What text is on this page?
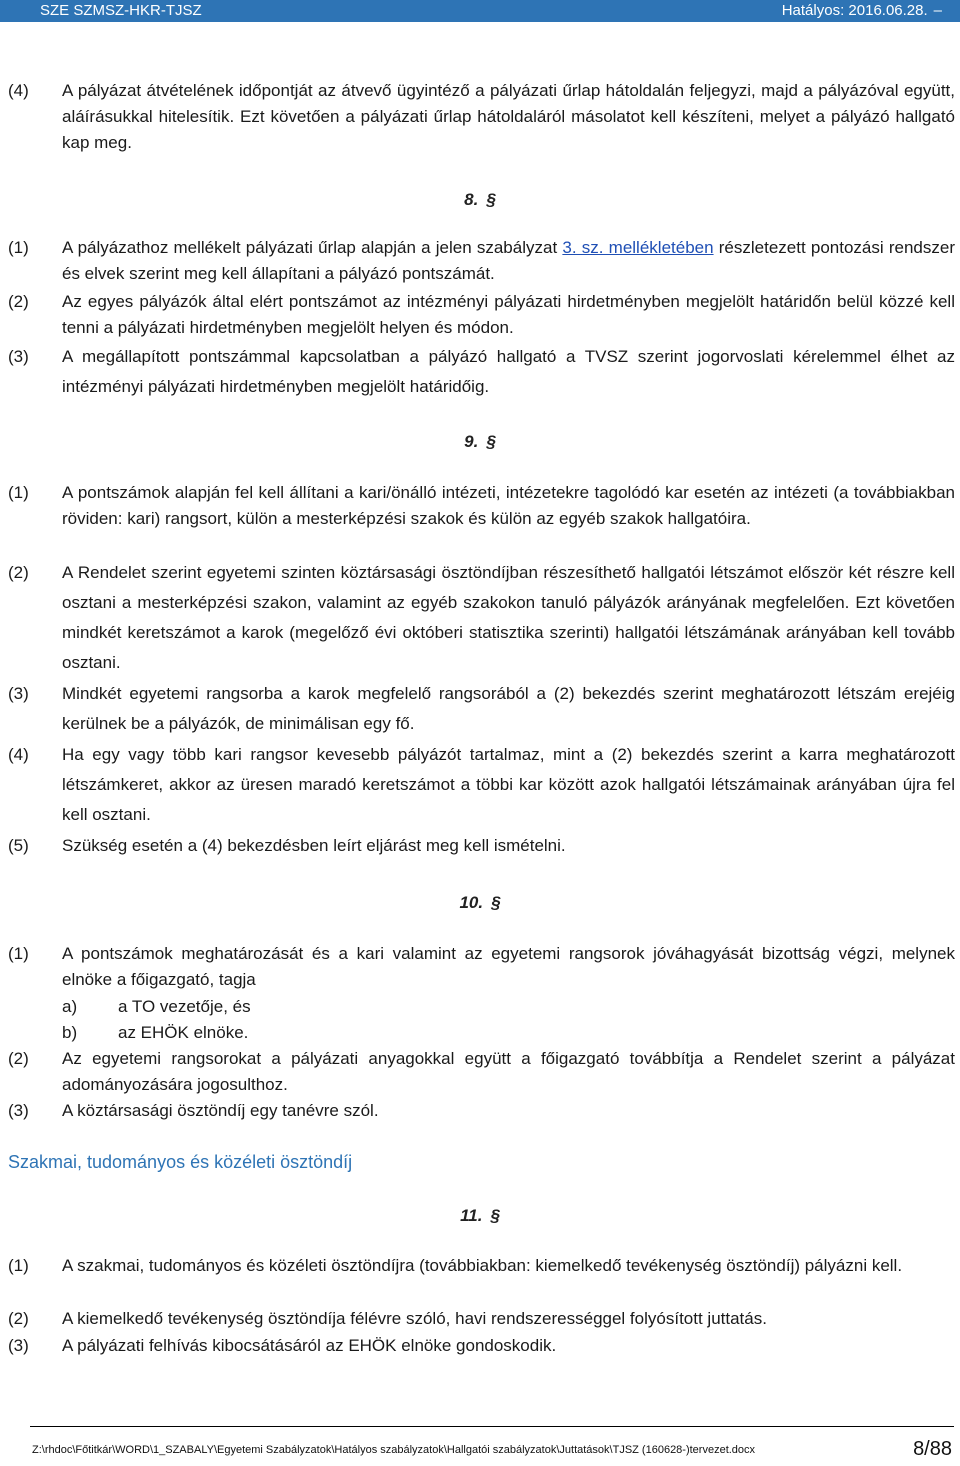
SZE SZMSZ-HKR-TJSZ	Hatályos: 2016.06.28. –
(4) A pályázat átvételének időpontját az átvevő ügyintéző a pályázati űrlap hátoldalán feljegyzi, majd a pályázóval együtt, aláírásukkal hitelesítik. Ezt követően a pályázati űrlap hátoldaláról másolatot kell készíteni, melyet a pályázó hallgató kap meg.
8. §
(1) A pályázathoz mellékelt pályázati űrlap alapján a jelen szabályzat 3. sz. mellékletében részletezett pontozási rendszer és elvek szerint meg kell állapítani a pályázó pontszámát.
(2) Az egyes pályázók által elért pontszámot az intézményi pályázati hirdetményben megjelölt határidőn belül közzé kell tenni a pályázati hirdetményben megjelölt helyen és módon.
(3) A megállapított pontszámmal kapcsolatban a pályázó hallgató a TVSZ szerint jogorvoslati kérelemmel élhet az intézményi pályázati hirdetményben megjelölt határidőig.
9. §
(1) A pontszámok alapján fel kell állítani a kari/önálló intézeti, intézetekre tagolódó kar esetén az intézeti (a továbbiakban röviden: kari) rangsort, külön a mesterképzési szakok és külön az egyéb szakok hallgatóira.
(2) A Rendelet szerint egyetemi szinten köztársasági ösztöndíjban részesíthető hallgatói létszámot először két részre kell osztani a mesterképzési szakon, valamint az egyéb szakokon tanuló pályázók arányának megfelelően. Ezt követően mindkét keretszámot a karok (megelőző évi októberi statisztika szerinti) hallgatói létszámának arányában kell tovább osztani.
(3) Mindkét egyetemi rangsorba a karok megfelelő rangsorából a (2) bekezdés szerint meghatározott létszám erejéig kerülnek be a pályázók, de minimálisan egy fő.
(4) Ha egy vagy több kari rangsor kevesebb pályázót tartalmaz, mint a (2) bekezdés szerint a karra meghatározott létszámkeret, akkor az üresen maradó keretszámot a többi kar között azok hallgatói létszámainak arányában újra fel kell osztani.
(5) Szükség esetén a (4) bekezdésben leírt eljárást meg kell ismételni.
10. §
(1) A pontszámok meghatározását és a kari valamint az egyetemi rangsorok jóváhagyását bizottság végzi, melynek elnöke a főigazgató, tagja
a) a TO vezetője, és
b) az EHÖK elnöke.
(2) Az egyetemi rangsorokat a pályázati anyagokkal együtt a főigazgató továbbítja a Rendelet szerint a pályázat adományozására jogosulthoz.
(3) A köztársasági ösztöndíj egy tanévre szól.
Szakmai, tudományos és közéleti ösztöndíj
11. §
(1) A szakmai, tudományos és közéleti ösztöndíjra (továbbiakban: kiemelkedő tevékenység ösztöndíj) pályázni kell.
(2) A kiemelkedő tevékenység ösztöndíja félévre szóló, havi rendszerességgel folyósított juttatás.
(3) A pályázati felhívás kibocsátásáról az EHÖK elnöke gondoskodik.
Z:\rhdoc\Főtitkár\WORD\1_SZABALY\Egyetemi Szabályzatok\Hatályos szabályzatok\Hallgatói szabályzatok\Juttatások\TJSZ (160628-)tervezet.docx	8/88
